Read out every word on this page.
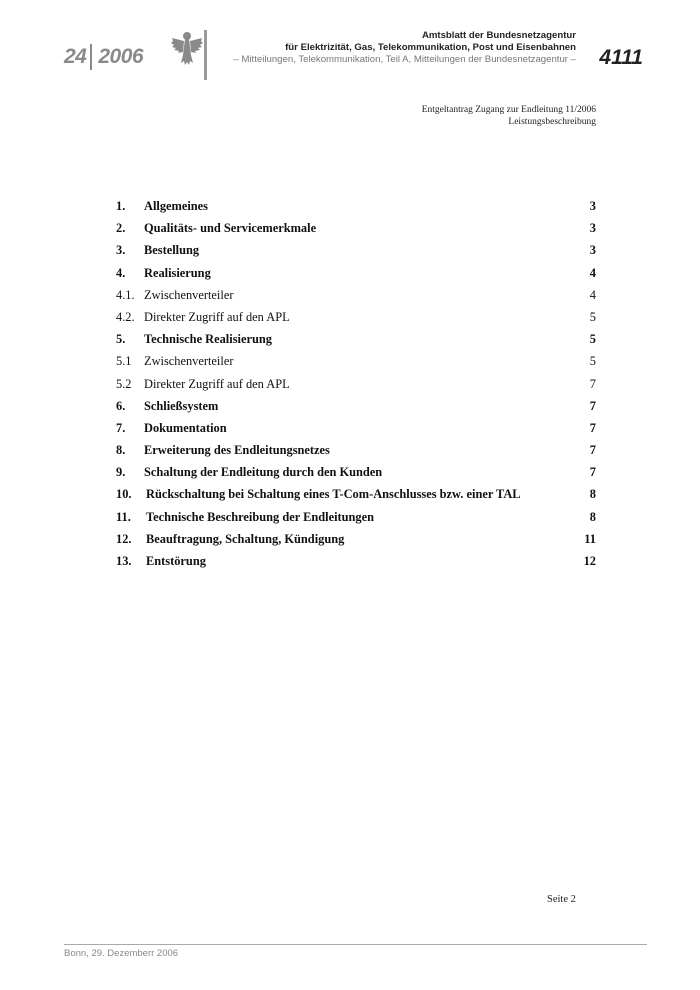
24 2006
Amtsblatt der Bundesnetzagentur
für Elektrizität, Gas, Telekommunikation, Post und Eisenbahnen
– Mitteilungen, Telekommunikation, Teil A, Mitteilungen der Bundesnetzagentur – 4111
Entgeltantrag Zugang zur Endleitung 11/2006
Leistungsbeschreibung
1.	Allgemeines	3
2.	Qualitäts- und Servicemerkmale	3
3.	Bestellung	3
4.	Realisierung	4
4.1. Zwischenverteiler	4
4.2. Direkter Zugriff auf den APL	5
5.	Technische Realisierung	5
5.1	Zwischenverteiler	5
5.2	Direkter Zugriff auf den APL	7
6.	Schließsystem	7
7.	Dokumentation	7
8.	Erweiterung des Endleitungsnetzes	7
9.	Schaltung der Endleitung durch den Kunden	7
10.	Rückschaltung bei Schaltung eines T-Com-Anschlusses bzw. einer TAL	8
11.	Technische Beschreibung der Endleitungen	8
12.	Beauftragung, Schaltung, Kündigung	11
13.	Entstörung	12
Seite 2
Bonn, 29. Dezemberr 2006
